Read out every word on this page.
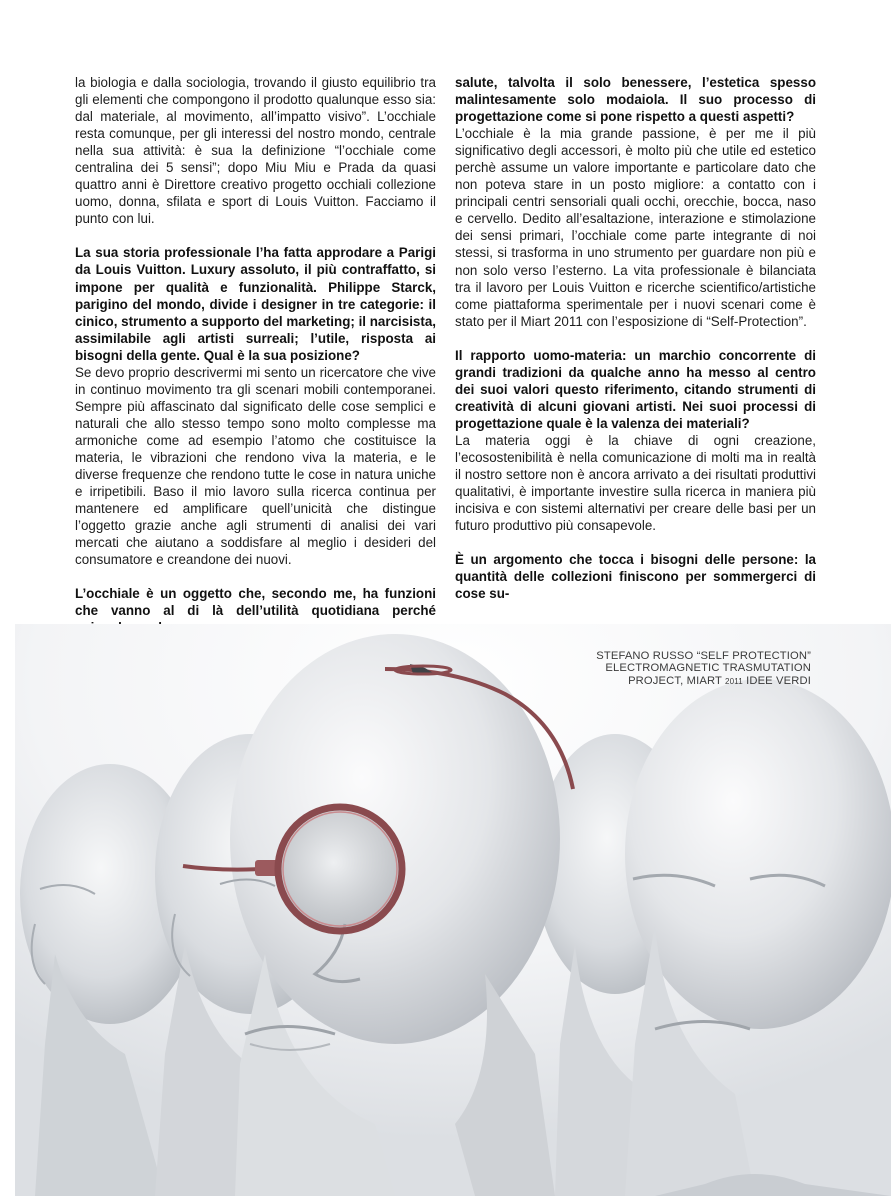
la biologia e dalla sociologia, trovando il giusto equilibrio tra gli elementi che compongono il prodotto qualunque esso sia: dal materiale, al movimento, all’impatto visivo”. L’occhiale resta comunque, per gli interessi del nostro mondo, centrale nella sua attività: è sua la definizione “l’occhiale come centralina dei 5 sensi”; dopo Miu Miu e Prada da quasi quattro anni è Direttore creativo progetto occhiali collezione uomo, donna, sfilata e sport di Louis Vuitton. Facciamo il punto con lui.

La sua storia professionale l’ha fatta approdare a Parigi da Louis Vuitton. Luxury assoluto, il più contraffatto, si impone per qualità e funzionalità. Philippe Starck, parigino del mondo, divide i designer in tre categorie: il cinico, strumento a supporto del marketing; il narcisista, assimilabile agli artisti surreali; l’utile, risposta ai bisogni della gente. Qual è la sua posizione?

Se devo proprio descrivermi mi sento un ricercatore che vive in continuo movimento tra gli scenari mobili contemporanei. Sempre più affascinato dal significato delle cose semplici e naturali che allo stesso tempo sono molto complesse ma armoniche come ad esempio l’atomo che costituisce la materia, le vibrazioni che rendono viva la materia, e le diverse frequenze che rendono tutte le cose in natura uniche e irripetibili. Baso il mio lavoro sulla ricerca continua per mantenere ed amplificare quell’unicità che distingue l’oggetto grazie anche agli strumenti di analisi dei vari mercati che aiutano a soddisfare al meglio i desideri del consumatore e creandone dei nuovi.

L’occhiale è un oggetto che, secondo me, ha funzioni che vanno al di là dell’utilità quotidiana perché

salute, talvolta il solo benessere, l’estetica spesso malintesamente solo modaiola. Il suo processo di progettazione come si pone rispetto a questi aspetti?

L’occhiale è la mia grande passione, è per me il più significativo degli accessori, è molto più che utile ed estetico perchè assume un valore importante e particolare dato che non poteva stare in un posto migliore: a contatto con i principali centri sensoriali quali occhi, orecchie, bocca, naso e cervello. Dedito all’esaltazione, interazione e stimolazione dei sensi primari, l’occhiale come parte integrante di noi stessi, si trasforma in uno strumento per guardare non più e non solo verso l’esterno. La vita professionale è bilanciata tra il lavoro per Louis Vuitton e ricerche scientifico/artistiche come piattaforma sperimentale per i nuovi scenari come è stato per il Miart 2011 con l’esposizione di “Self-Protection”.

Il rapporto uomo-materia: un marchio concorrente di grandi tradizioni da qualche anno ha messo al centro dei suoi valori questo riferimento, citando strumenti di creatività di alcuni giovani artisti. Nei suoi processi di progettazione quale è la valenza dei materiali?

La materia oggi è la chiave di ogni creazione, l’ecosostenibilità è nella comunicazione di molti ma in realtà il nostro settore non è ancora arrivato a dei risultati produttivi qualitativi, è importante investire sulla ricerca in maniera più incisiva e con sistemi alternativi per creare delle basi per un futuro produttivo più consapevole.

È un argomento che tocca i bisogni delle persone: la quantità delle collezioni finiscono per sommergerci di cose su-

STEFANO RUSSO “SELF PROTECTION”
ELECTROMAGNETIC TRASMUTATION
PROJECT, MIART 2011 IDEE VERDI
